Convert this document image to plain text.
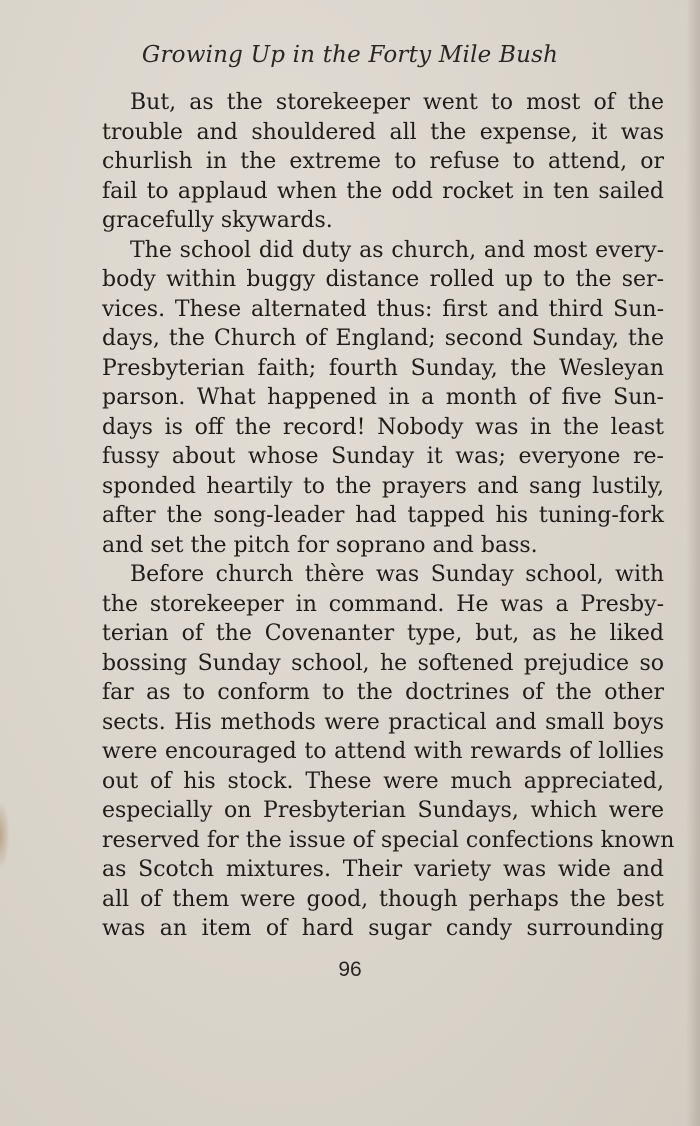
Growing Up in the Forty Mile Bush
But, as the storekeeper went to most of the
trouble and shouldered all the expense, it was
churlish in the extreme to refuse to attend, or
fail to applaud when the odd rocket in ten sailed
gracefully skywards.
The school did duty as church, and most every-
body within buggy distance rolled up to the ser-
vices. These alternated thus: first and third Sun-
days, the Church of England; second Sunday, the
Presbyterian faith; fourth Sunday, the Wesleyan
parson. What happened in a month of five Sun-
days is off the record! Nobody was in the least
fussy about whose Sunday it was; everyone re-
sponded heartily to the prayers and sang lustily,
after the song-leader had tapped his tuning-fork
and set the pitch for soprano and bass.
Before church thère was Sunday school, with
the storekeeper in command. He was a Presby-
terian of the Covenanter type, but, as he liked
bossing Sunday school, he softened prejudice so
far as to conform to the doctrines of the other
sects. His methods were practical and small boys
were encouraged to attend with rewards of lollies
out of his stock. These were much appreciated,
especially on Presbyterian Sundays, which were
reserved for the issue of special confections known
as Scotch mixtures. Their variety was wide and
all of them were good, though perhaps the best
was an item of hard sugar candy surrounding
96
